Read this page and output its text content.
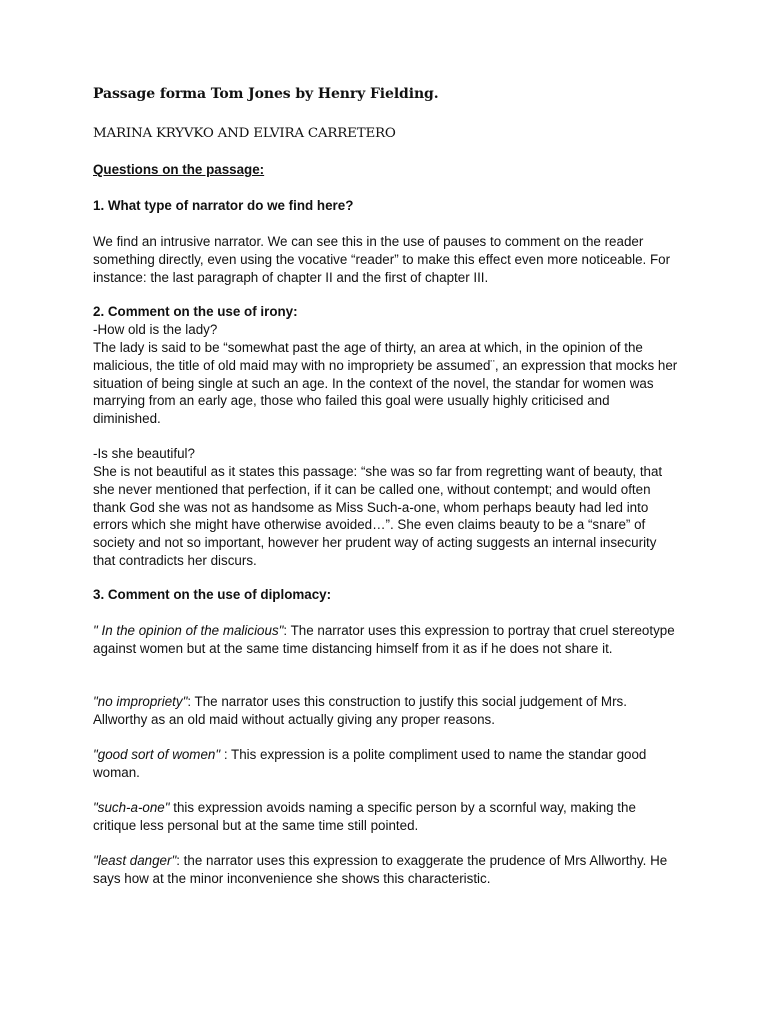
Passage forma Tom Jones by Henry Fielding.
MARINA KRYVKO AND ELVIRA CARRETERO
Questions on the passage:
1. What type of narrator do we find here?

We find an intrusive narrator. We can see this in the use of pauses to comment on the reader something directly, even using the vocative “reader” to make this effect even more noticeable. For instance: the last paragraph of chapter II and the first of chapter III.

2. Comment on the use of irony:
-How old is the lady?

The lady is said to be “somewhat past the age of thirty, an area at which, in the opinion of the malicious, the title of old maid may with no impropriety be assumed¨, an expression that mocks her situation of being single at such an age. In the context of the novel, the standar for women was marrying from an early age, those who failed this goal were usually highly criticised and diminished.

-Is she beautiful?

She is not beautiful as it states this passage: “she was so far from regretting want of beauty, that she never mentioned that perfection, if it can be called one, without contempt; and would often thank God she was not as handsome as Miss Such-a-one, whom perhaps beauty had led into errors which she might have otherwise avoided…”. She even claims beauty to be a “snare” of society and not so important, however her prudent way of acting suggests an internal insecurity that contradicts her discurs.

3. Comment on the use of diplomacy:

" In the opinion of the malicious": The narrator uses this expression to portray that cruel stereotype against women but at the same time distancing himself from it as if he does not share it.

"no impropriety": The narrator uses this construction to justify this social judgement of Mrs. Allworthy as an old maid without actually giving any proper reasons.

"good sort of women" : This expression is a polite compliment used to name the standar good woman.

"such-a-one" this expression avoids naming a specific person by a scornful way, making the critique less personal but at the same time still pointed.

"least danger": the narrator uses this expression to exaggerate the prudence of Mrs Allworthy. He says how at the minor inconvenience she shows this characteristic.
